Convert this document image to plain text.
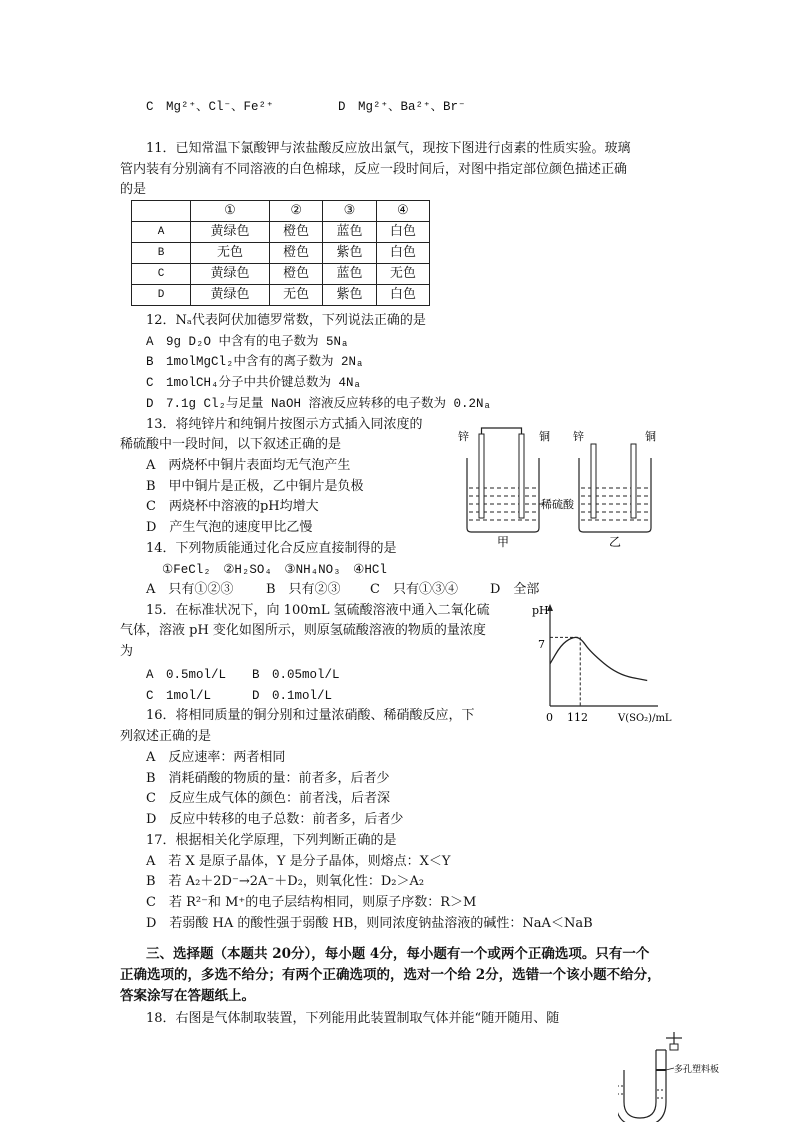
C　Mg²⁺、Cl⁻、Fe²⁺	D　Mg²⁺、Ba²⁺、Br⁻
11．已知常温下氯酸钾与浓盐酸反应放出氯气，现按下图进行卤素的性质实验。玻璃
管内装有分别滴有不同溶液的白色棉球，反应一段时间后，对图中指定部位颜色描述正确
的是
	①	②	③	④
A	黄绿色	橙色	蓝色	白色
B	无色	橙色	紫色	白色
C	黄绿色	橙色	蓝色	无色
D	黄绿色	无色	紫色	白色
12．Nₐ代表阿伏加德罗常数，下列说法正确的是
A　9g D₂O 中含有的电子数为 5Nₐ
B　1molMgCl₂中含有的离子数为 2Nₐ
C　1molCH₄分子中共价键总数为 4Nₐ
D　7.1g Cl₂与足量 NaOH 溶液反应转移的电子数为 0.2Nₐ
13．将纯锌片和纯铜片按图示方式插入同浓度的
稀硫酸中一段时间，以下叙述正确的是
A　两烧杯中铜片表面均无气泡产生
B　甲中铜片是正极，乙中铜片是负极
C　两烧杯中溶液的pH均增大
D　产生气泡的速度甲比乙慢
锌	铜 锌	铜
稀硫酸
甲	乙
14．下列物质能通过化合反应直接制得的是
①FeCl₂　②H₂SO₄　③NH₄NO₃　④HCl
A　只有①②③	B　只有②③ C　只有①③④ D　全部
15．在标准状况下，向 100mL 氢硫酸溶液中通入二氧化硫
气体，溶液 pH 变化如图所示，则原氢硫酸溶液的物质的量浓度
为
A　0.5mol/L B　0.05mol/L
C　1mol/L	D　0.1mol/L
pH
7
0 112	V(SO₂)/mL
16．将相同质量的铜分别和过量浓硝酸、稀硝酸反应，下
列叙述正确的是
A　反应速率：两者相同
B　消耗硝酸的物质的量：前者多，后者少
C　反应生成气体的颜色：前者浅，后者深
D　反应中转移的电子总数：前者多，后者少
17．根据相关化学原理，下列判断正确的是
A　若 X 是原子晶体，Y 是分子晶体，则熔点：X＜Y
B　若 A₂＋2D⁻→2A⁻＋D₂，则氧化性：D₂＞A₂
C　若 R²⁻和 M⁺的电子层结构相同，则原子序数：R＞M
D　若弱酸 HA 的酸性强于弱酸 HB，则同浓度钠盐溶液的碱性：NaA＜NaB
三、选择题（本题共 20分），每小题 4分，每小题有一个或两个正确选项。只有一个
正确选项的，多选不给分；有两个正确选项的，选对一个给 2分，选错一个该小题不给分，
答案涂写在答题纸上。
18．右图是气体制取装置，下列能用此装置制取气体并能“随开随用、随
多孔塑料板
